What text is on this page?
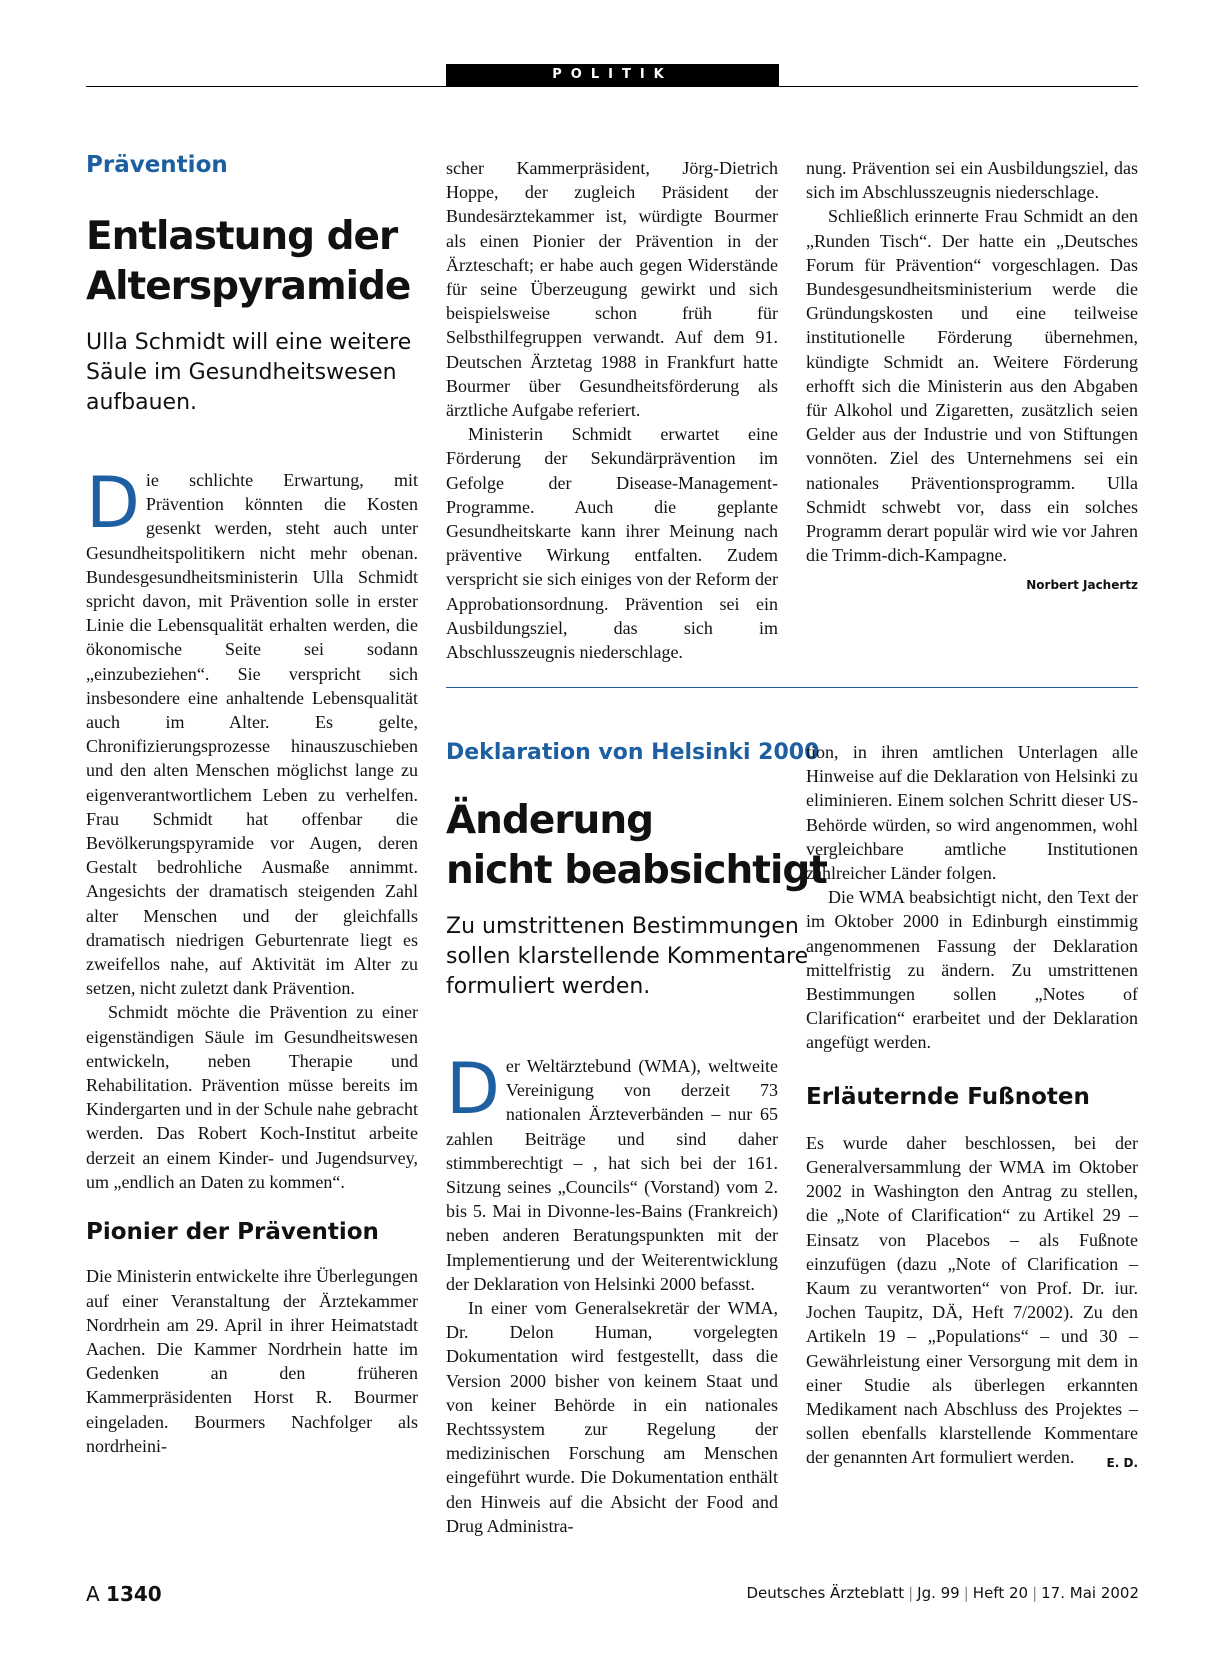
POLITIK
Prävention
Entlastung der
Alterspyramide
Ulla Schmidt will eine weitere
Säule im Gesundheitswesen
aufbauen.

Die schlichte Erwartung, mit Prävention könnten die Kosten gesenkt werden, steht auch unter Gesundheitspolitikern nicht mehr obenan. Bundesgesundheitsministerin Ulla Schmidt spricht davon, mit Prävention solle in erster Linie die Lebensqualität erhalten werden, die ökonomische Seite sei sodann „einzubeziehen“. Sie verspricht sich insbesondere eine anhaltende Lebensqualität auch im Alter. Es gelte, Chronifizierungsprozesse hinauszuschieben und den alten Menschen möglichst lange zu eigenverantwortlichem Leben zu verhelfen. Frau Schmidt hat offenbar die Bevölkerungspyramide vor Augen, deren Gestalt bedrohliche Ausmaße annimmt. Angesichts der dramatisch steigenden Zahl alter Menschen und der gleichfalls dramatisch niedrigen Geburtenrate liegt es zweifellos nahe, auf Aktivität im Alter zu setzen, nicht zuletzt dank Prävention.

Schmidt möchte die Prävention zu einer eigenständigen Säule im Gesundheitswesen entwickeln, neben Therapie und Rehabilitation. Prävention müsse bereits im Kindergarten und in der Schule nahe gebracht werden. Das Robert Koch-Institut arbeite derzeit an einem Kinder- und Jugendsurvey, um „endlich an Daten zu kommen“.

Pionier der Prävention

Die Ministerin entwickelte ihre Überlegungen auf einer Veranstaltung der Ärztekammer Nordrhein am 29. April in ihrer Heimatstadt Aachen. Die Kammer Nordrhein hatte im Gedenken an den früheren Kammerpräsidenten Horst R. Bourmer eingeladen. Bourmers Nachfolger als nordrheini-

scher Kammerpräsident, Jörg-Dietrich Hoppe, der zugleich Präsident der Bundesärztekammer ist, würdigte Bourmer als einen Pionier der Prävention in der Ärzteschaft; er habe auch gegen Widerstände für seine Überzeugung gewirkt und sich beispielsweise schon früh für Selbsthilfegruppen verwandt. Auf dem 91. Deutschen Ärztetag 1988 in Frankfurt hatte Bourmer über Gesundheitsförderung als ärztliche Aufgabe referiert.

Ministerin Schmidt erwartet eine Förderung der Sekundärprävention im Gefolge der Disease-Management-Programme. Auch die geplante Gesundheitskarte kann ihrer Meinung nach präventive Wirkung entfalten. Zudem verspricht sie sich einiges von der Reform der Approbationsordnung. Prävention sei ein Ausbildungsziel, das sich im Abschlusszeugnis niederschlage.

nung. Prävention sei ein Ausbildungsziel, das sich im Abschlusszeugnis niederschlage.

Schließlich erinnerte Frau Schmidt an den „Runden Tisch“. Der hatte ein „Deutsches Forum für Prävention“ vorgeschlagen. Das Bundesgesundheitsministerium werde die Gründungskosten und eine teilweise institutionelle Förderung übernehmen, kündigte Schmidt an. Weitere Förderung erhofft sich die Ministerin aus den Abgaben für Alkohol und Zigaretten, zusätzlich seien Gelder aus der Industrie und von Stiftungen vonnöten. Ziel des Unternehmens sei ein nationales Präventionsprogramm. Ulla Schmidt schwebt vor, dass ein solches Programm derart populär wird wie vor Jahren die Trimm-dich-Kampagne.
Norbert Jachertz

Deklaration von Helsinki 2000
Änderung
nicht beabsichtigt
Zu umstrittenen Bestimmungen
sollen klarstellende Kommentare
formuliert werden.

Der Weltärztebund (WMA), weltweite Vereinigung von derzeit 73 nationalen Ärzteverbänden – nur 65 zahlen Beiträge und sind daher stimmberechtigt – , hat sich bei der 161. Sitzung seines „Councils“ (Vorstand) vom 2. bis 5. Mai in Divonne-les-Bains (Frankreich) neben anderen Beratungspunkten mit der Implementierung und der Weiterentwicklung der Deklaration von Helsinki 2000 befasst.

In einer vom Generalsekretär der WMA, Dr. Delon Human, vorgelegten Dokumentation wird festgestellt, dass die Version 2000 bisher von keinem Staat und von keiner Behörde in ein nationales Rechtssystem zur Regelung der medizinischen Forschung am Menschen eingeführt wurde. Die Dokumentation enthält den Hinweis auf die Absicht der Food and Drug Administra-

tion, in ihren amtlichen Unterlagen alle Hinweise auf die Deklaration von Helsinki zu eliminieren. Einem solchen Schritt dieser US-Behörde würden, so wird angenommen, wohl vergleichbare amtliche Institutionen zahlreicher Länder folgen.

Die WMA beabsichtigt nicht, den Text der im Oktober 2000 in Edinburgh einstimmig angenommenen Fassung der Deklaration mittelfristig zu ändern. Zu umstrittenen Bestimmungen sollen „Notes of Clarification“ erarbeitet und der Deklaration angefügt werden.

Erläuternde Fußnoten

Es wurde daher beschlossen, bei der Generalversammlung der WMA im Oktober 2002 in Washington den Antrag zu stellen, die „Note of Clarification“ zu Artikel 29 – Einsatz von Placebos – als Fußnote einzufügen (dazu „Note of Clarification – Kaum zu verantworten“ von Prof. Dr. iur. Jochen Taupitz, DÄ, Heft 7/2002). Zu den Artikeln 19 – „Populations“ – und 30 – Gewährleistung einer Versorgung mit dem in einer Studie als überlegen erkannten Medikament nach Abschluss des Projektes – sollen ebenfalls klarstellende Kommentare der genannten Art formuliert werden.	E. D.

A 1340	Deutsches Ärzteblatt | Jg. 99 | Heft 20 | 17. Mai 2002
